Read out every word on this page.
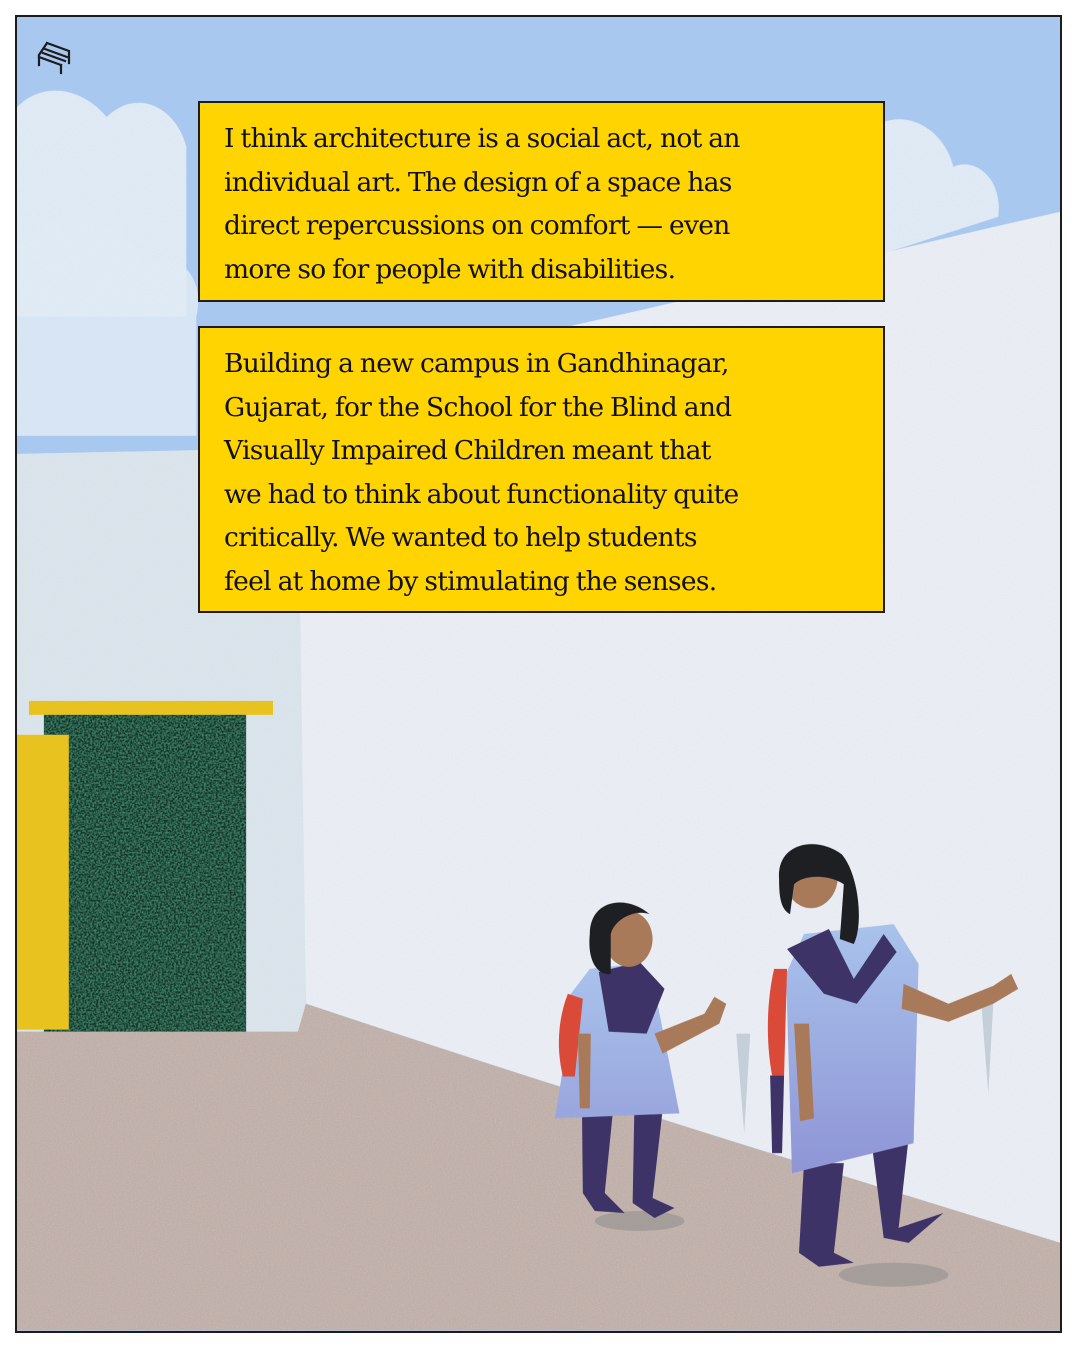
I think architecture is a social act, not an

individual art. The design of a space has

direct repercussions on comfort — even

more so for people with disabilities.

Building a new campus in Gandhinagar,

Gujarat, for the School for the Blind and

Visually Impaired Children meant that

we had to think about functionality quite

critically. We wanted to help students

feel at home by stimulating the senses.
